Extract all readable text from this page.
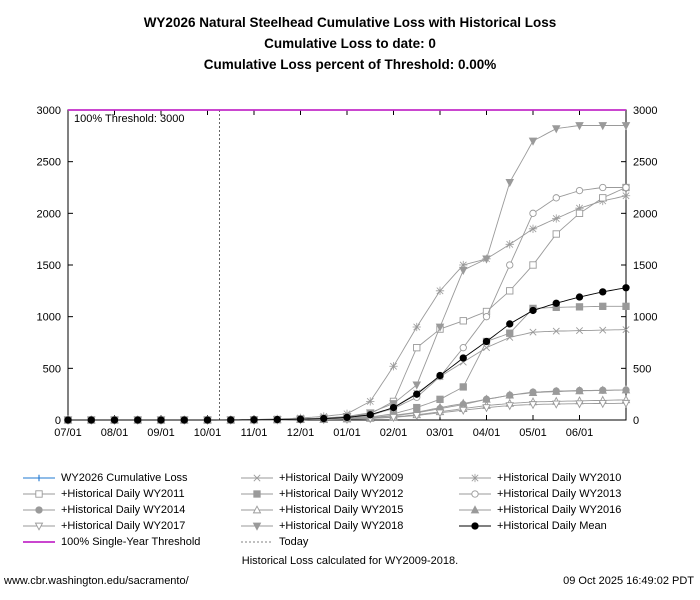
WY2026 Natural Steelhead Cumulative Loss with Historical Loss
Cumulative Loss to date: 0
Cumulative Loss percent of Threshold: 0.00%
3000	3000
2500	2500
2000	2000
1500	1500
1000	1000
500	500
0	0
07/01 08/01 09/01 10/01 11/01 12/01 01/01 02/01 03/01 04/01 05/01 06/01
100% Threshold: 3000
WY2026 Cumulative Loss	+Historical Daily WY2009	+Historical Daily WY2010
+Historical Daily WY2011	+Historical Daily WY2012	+Historical Daily WY2013
+Historical Daily WY2014	+Historical Daily WY2015	+Historical Daily WY2016
+Historical Daily WY2017	+Historical Daily WY2018	+Historical Daily Mean
100% Single-Year Threshold	Today
Historical Loss calculated for WY2009-2018.
www.cbr.washington.edu/sacramento/	09 Oct 2025 16:49:02 PDT
